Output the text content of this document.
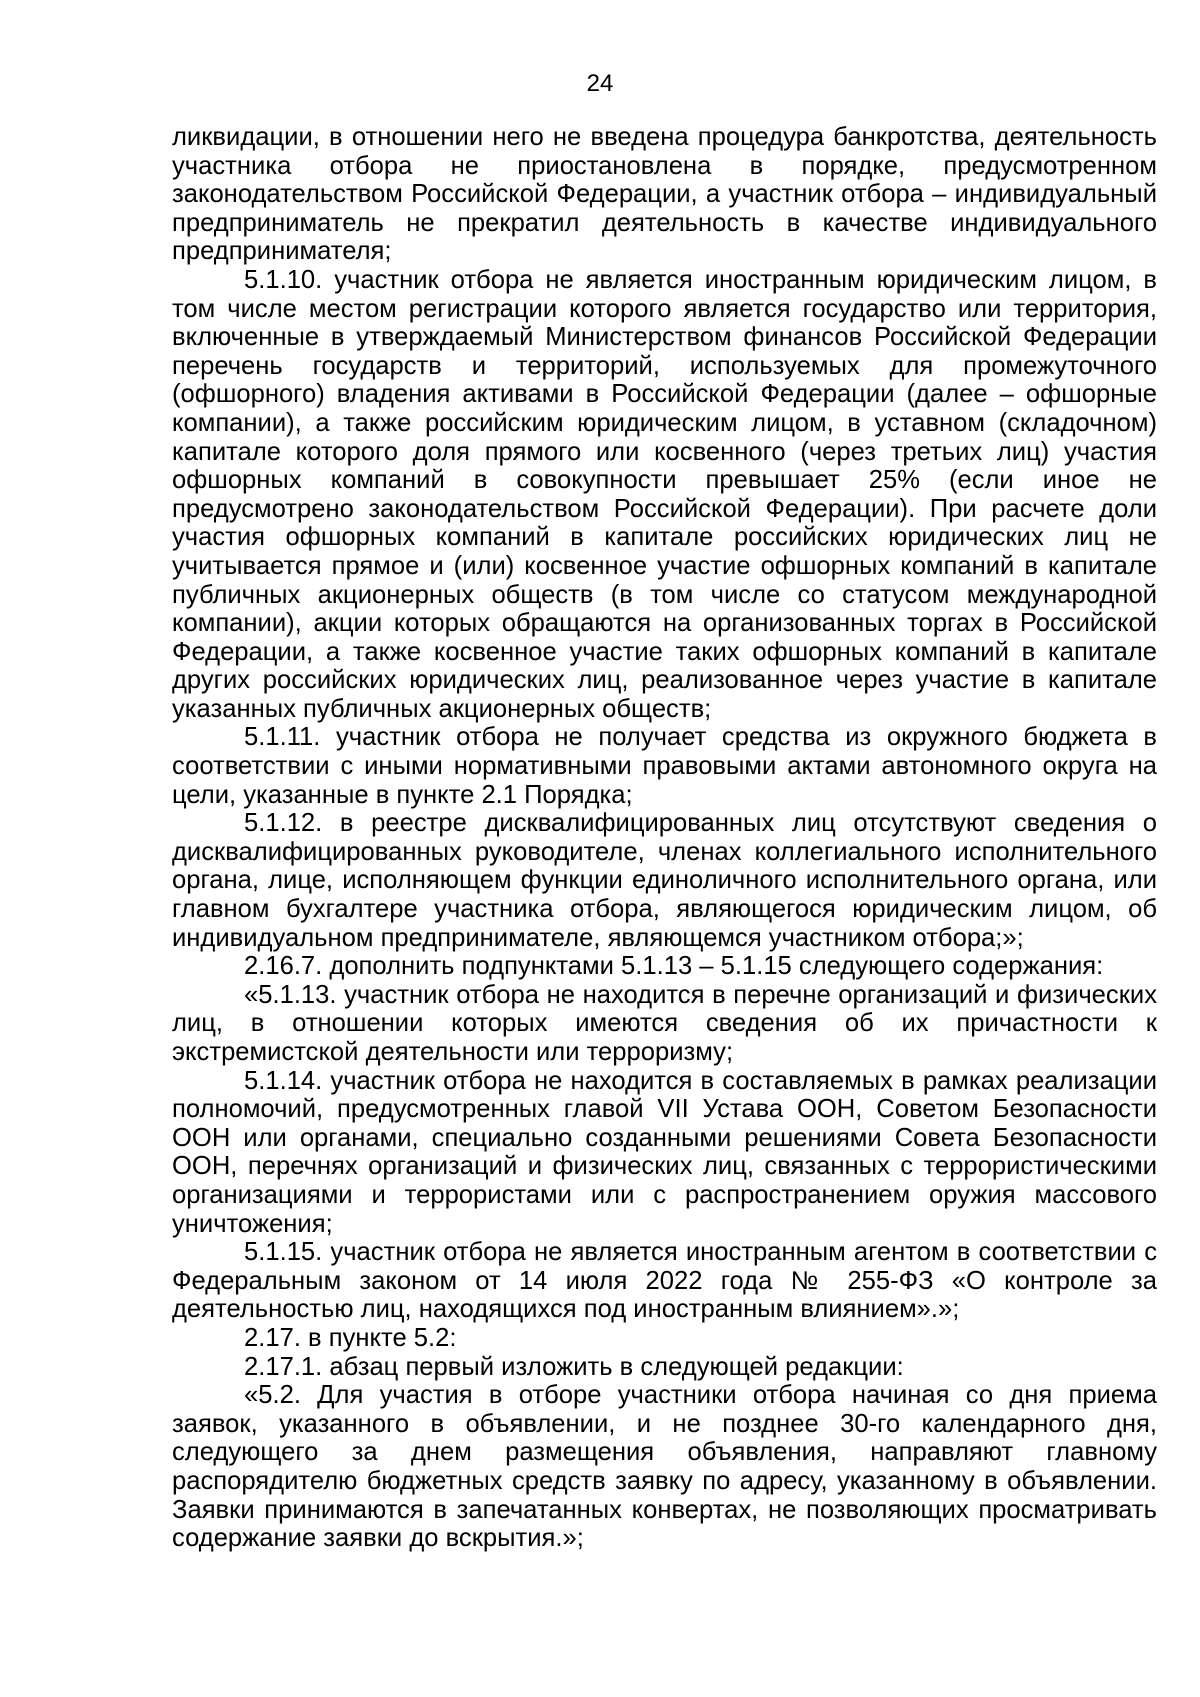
24

ликвидации, в отношении него не введена процедура банкротства, деятельность участника отбора не приостановлена в порядке, предусмотренном законодательством Российской Федерации, а участник отбора – индивидуальный предприниматель не прекратил деятельность в качестве индивидуального предпринимателя;

5.1.10. участник отбора не является иностранным юридическим лицом, в том числе местом регистрации которого является государство или территория, включенные в утверждаемый Министерством финансов Российской Федерации перечень государств и территорий, используемых для промежуточного (офшорного) владения активами в Российской Федерации (далее – офшорные компании), а также российским юридическим лицом, в уставном (складочном) капитале которого доля прямого или косвенного (через третьих лиц) участия офшорных компаний в совокупности превышает 25% (если иное не предусмотрено законодательством Российской Федерации). При расчете доли участия офшорных компаний в капитале российских юридических лиц не учитывается прямое и (или) косвенное участие офшорных компаний в капитале публичных акционерных обществ (в том числе со статусом международной компании), акции которых обращаются на организованных торгах в Российской Федерации, а также косвенное участие таких офшорных компаний в капитале других российских юридических лиц, реализованное через участие в капитале указанных публичных акционерных обществ;

5.1.11. участник отбора не получает средства из окружного бюджета в соответствии с иными нормативными правовыми актами автономного округа на цели, указанные в пункте 2.1 Порядка;

5.1.12. в реестре дисквалифицированных лиц отсутствуют сведения о дисквалифицированных руководителе, членах коллегиального исполнительного органа, лице, исполняющем функции единоличного исполнительного органа, или главном бухгалтере участника отбора, являющегося юридическим лицом, об индивидуальном предпринимателе, являющемся участником отбора;»;

2.16.7. дополнить подпунктами 5.1.13 – 5.1.15 следующего содержания:

«5.1.13. участник отбора не находится в перечне организаций и физических лиц, в отношении которых имеются сведения об их причастности к экстремистской деятельности или терроризму;

5.1.14. участник отбора не находится в составляемых в рамках реализации полномочий, предусмотренных главой VII Устава ООН, Советом Безопасности ООН или органами, специально созданными решениями Совета Безопасности ООН, перечнях организаций и физических лиц, связанных с террористическими организациями и террористами или с распространением оружия массового уничтожения;

5.1.15. участник отбора не является иностранным агентом в соответствии с Федеральным законом от 14 июля 2022 года № 255-ФЗ «О контроле за деятельностью лиц, находящихся под иностранным влиянием».»;

2.17. в пункте 5.2:

2.17.1. абзац первый изложить в следующей редакции:

«5.2. Для участия в отборе участники отбора начиная со дня приема заявок, указанного в объявлении, и не позднее 30-го календарного дня, следующего за днем размещения объявления, направляют главному распорядителю бюджетных средств заявку по адресу, указанному в объявлении. Заявки принимаются в запечатанных конвертах, не позволяющих просматривать содержание заявки до вскрытия.»;
